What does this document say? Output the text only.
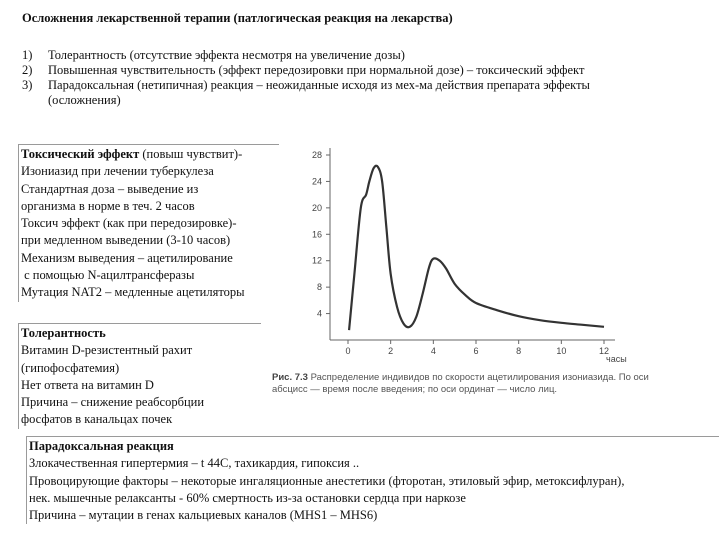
Осложнения лекарственной терапии (патлогическая реакция на лекарства)
1)	Толерантность (отсутствие эффекта несмотря на увеличение дозы)
2)	Повышенная чувствительность (эффект передозировки при нормальной дозе) – токсический эффект
3)	Парадоксальная (нетипичная) реакция – неожиданные исходя из мех-ма действия препарата эффекты
(осложнения)
Токсический эффект (повыш чувствит)-
Изониазид при лечении туберкулеза
Стандартная доза – выведение из
организма в норме в теч. 2 часов
Токсич эффект (как при передозировке)-
при медленном выведении (3-10 часов)
Механизм выведения – ацетилирование
с помощью N-ацилтрансферазы
Мутация NAT2 – медленные ацетиляторы
Толерантность
Витамин D-резистентный рахит
(гипофосфатемия)
Нет ответа на витамин D
Причина – снижение реабсорбции
фосфатов в канальцах почек
Парадоксальная реакция
Злокачественная гипертермия – t 44С, тахикардия, гипоксия ..
Провоцирующие факторы – некоторые ингаляционные анестетики (фторотан, этиловый эфир, метоксифлуран),
нек. мышечные релаксанты - 60% смертность из-за остановки сердца при наркозе
Причина – мутации в генах кальциевых каналов (MHS1 – MHS6)
4
8
12
16
20
24
28
0	2	4	6	8	10	12
часы
Рис. 7.3 Распределение индивидов по скорости ацетилирования изониазида. По оси абсцисс — время после введения; по оси ординат — число лиц.
